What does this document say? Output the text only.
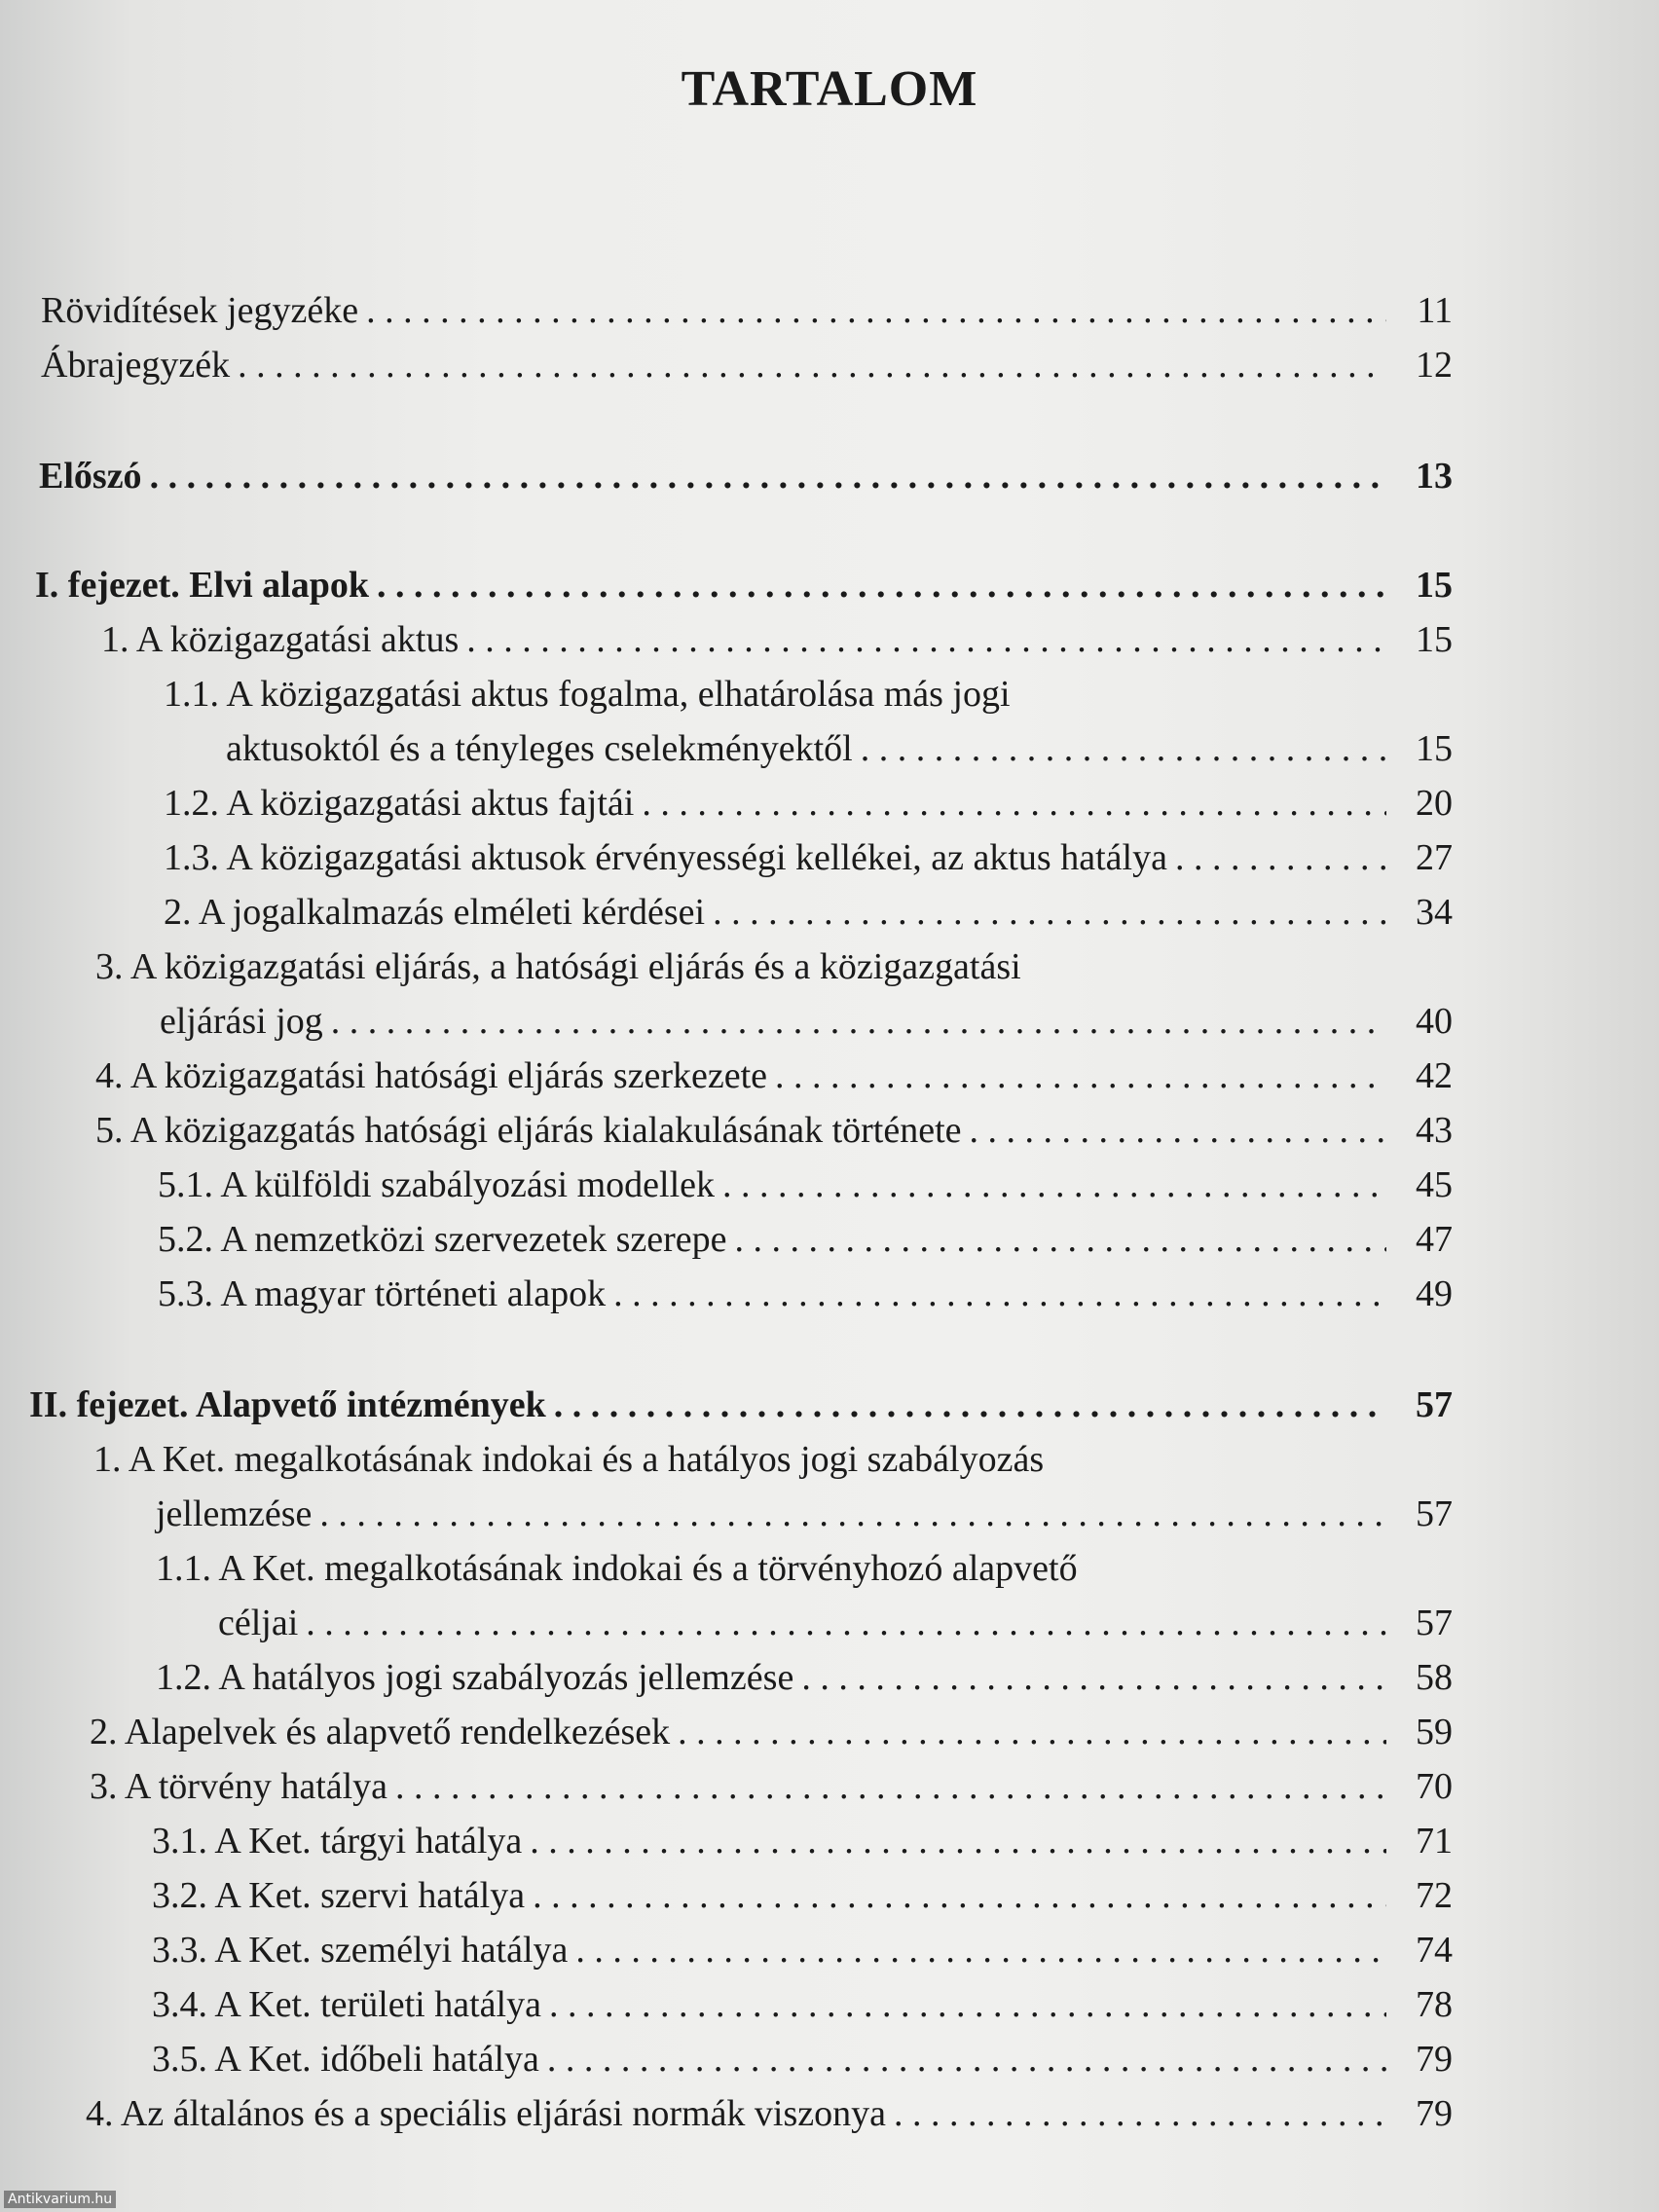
TARTALOM
Rövidítések jegyzéke . . .	11
Ábrajegyzék . . .	12
Előszó . . .	13
I. fejezet. Elvi alapok . . .	15
1. A közigazgatási aktus . . .	15
1.1. A közigazgatási aktus fogalma, elhatárolása más jogi
aktusoktól és a tényleges cselekményektől . . .	15
1.2. A közigazgatási aktus fajtái . . .	20
1.3. A közigazgatási aktusok érvényességi kellékei, az aktus hatálya . . .	27
2. A jogalkalmazás elméleti kérdései . . .	34
3. A közigazgatási eljárás, a hatósági eljárás és a közigazgatási
eljárási jog . . .	40
4. A közigazgatási hatósági eljárás szerkezete . . .	42
5. A közigazgatás hatósági eljárás kialakulásának története . . .	43
5.1. A külföldi szabályozási modellek . . .	45
5.2. A nemzetközi szervezetek szerepe . . .	47
5.3. A magyar történeti alapok . . .	49
II. fejezet. Alapvető intézmények . . .	57
1. A Ket. megalkotásának indokai és a hatályos jogi szabályozás
jellemzése . . .	57
1.1. A Ket. megalkotásának indokai és a törvényhozó alapvető
céljai . . .	57
1.2. A hatályos jogi szabályozás jellemzése . . .	58
2. Alapelvek és alapvető rendelkezések . . .	59
3. A törvény hatálya . . .	70
3.1. A Ket. tárgyi hatálya . . .	71
3.2. A Ket. szervi hatálya . . .	72
3.3. A Ket. személyi hatálya . . .	74
3.4. A Ket. területi hatálya . . .	78
3.5. A Ket. időbeli hatálya . . .	79
4. Az általános és a speciális eljárási normák viszonya . . .	79
Antikvarium.hu
